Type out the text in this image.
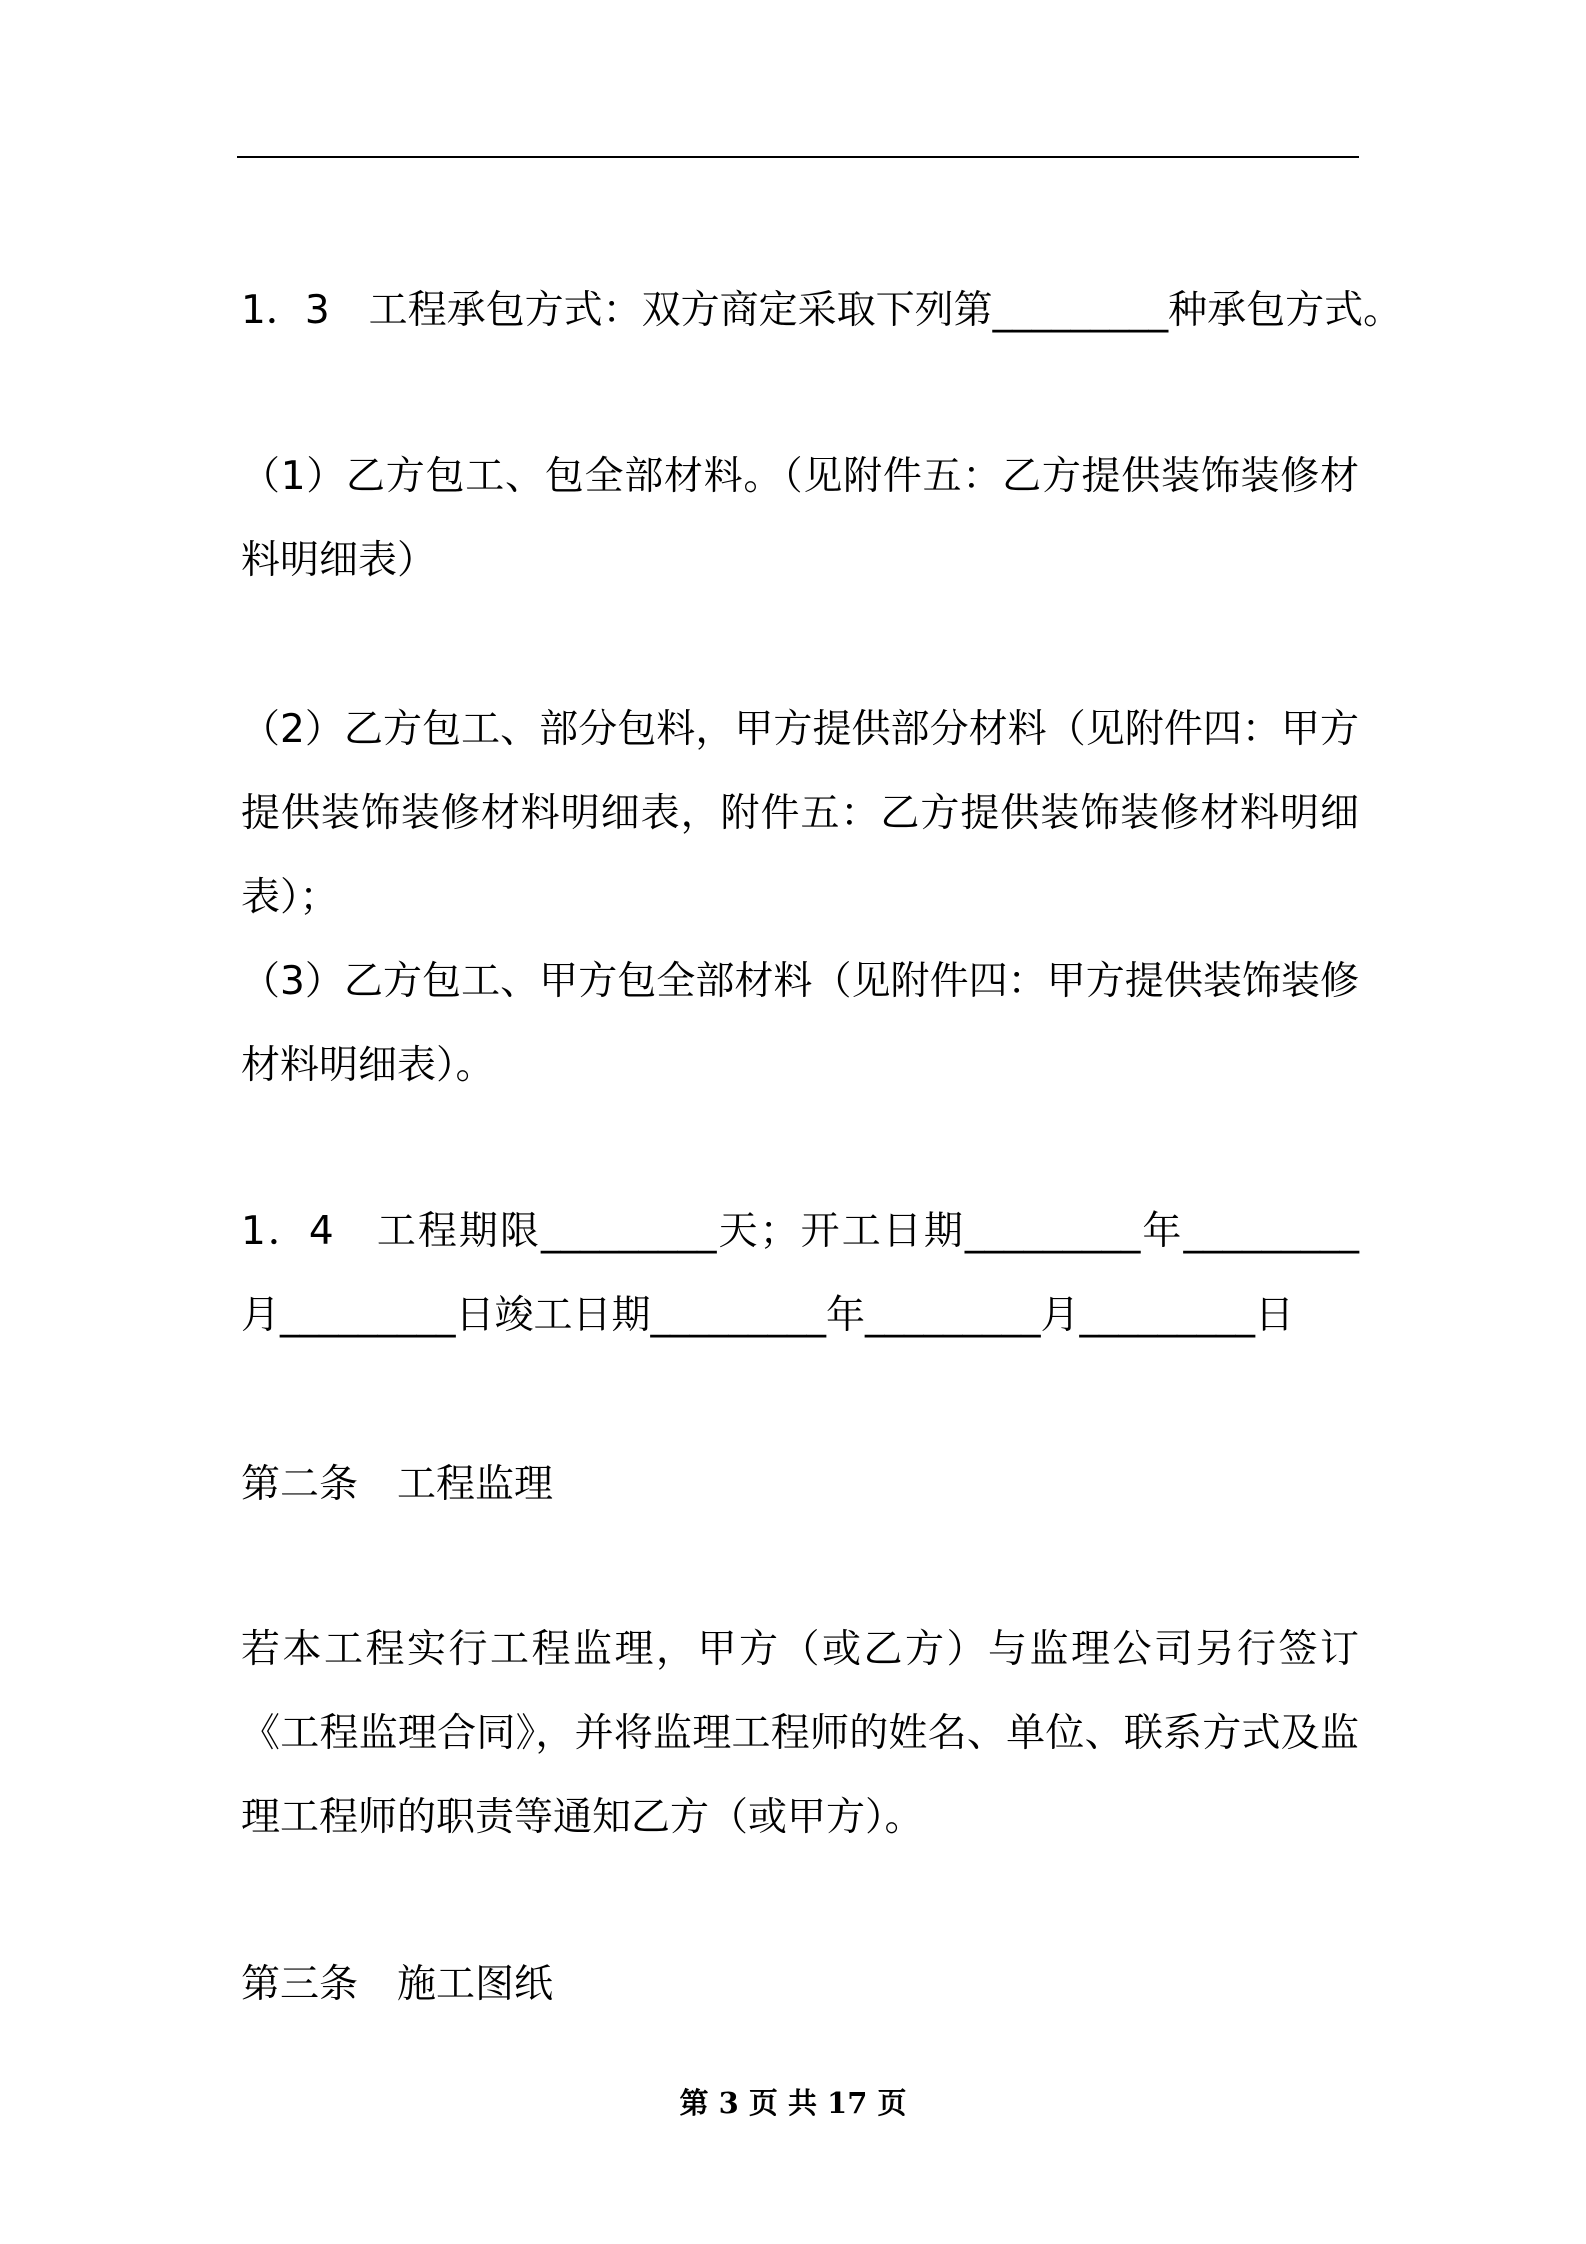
1．3　工程承包方式：双方商定采取下列第_________种承包方式。

（1）乙方包工、包全部材料。（见附件五：乙方提供装饰装修材料明细表）

（2）乙方包工、部分包料，甲方提供部分材料（见附件四：甲方提供装饰装修材料明细表，附件五：乙方提供装饰装修材料明细表）；

（3）乙方包工、甲方包全部材料（见附件四：甲方提供装饰装修材料明细表）。

1．4　工程期限_________天；开工日期_________年_________月_________日竣工日期_________年_________月_________日

第二条　工程监理

若本工程实行工程监理，甲方（或乙方）与监理公司另行签订《工程监理合同》，并将监理工程师的姓名、单位、联系方式及监理工程师的职责等通知乙方（或甲方）。

第三条　施工图纸

第 3 页 共 17 页
